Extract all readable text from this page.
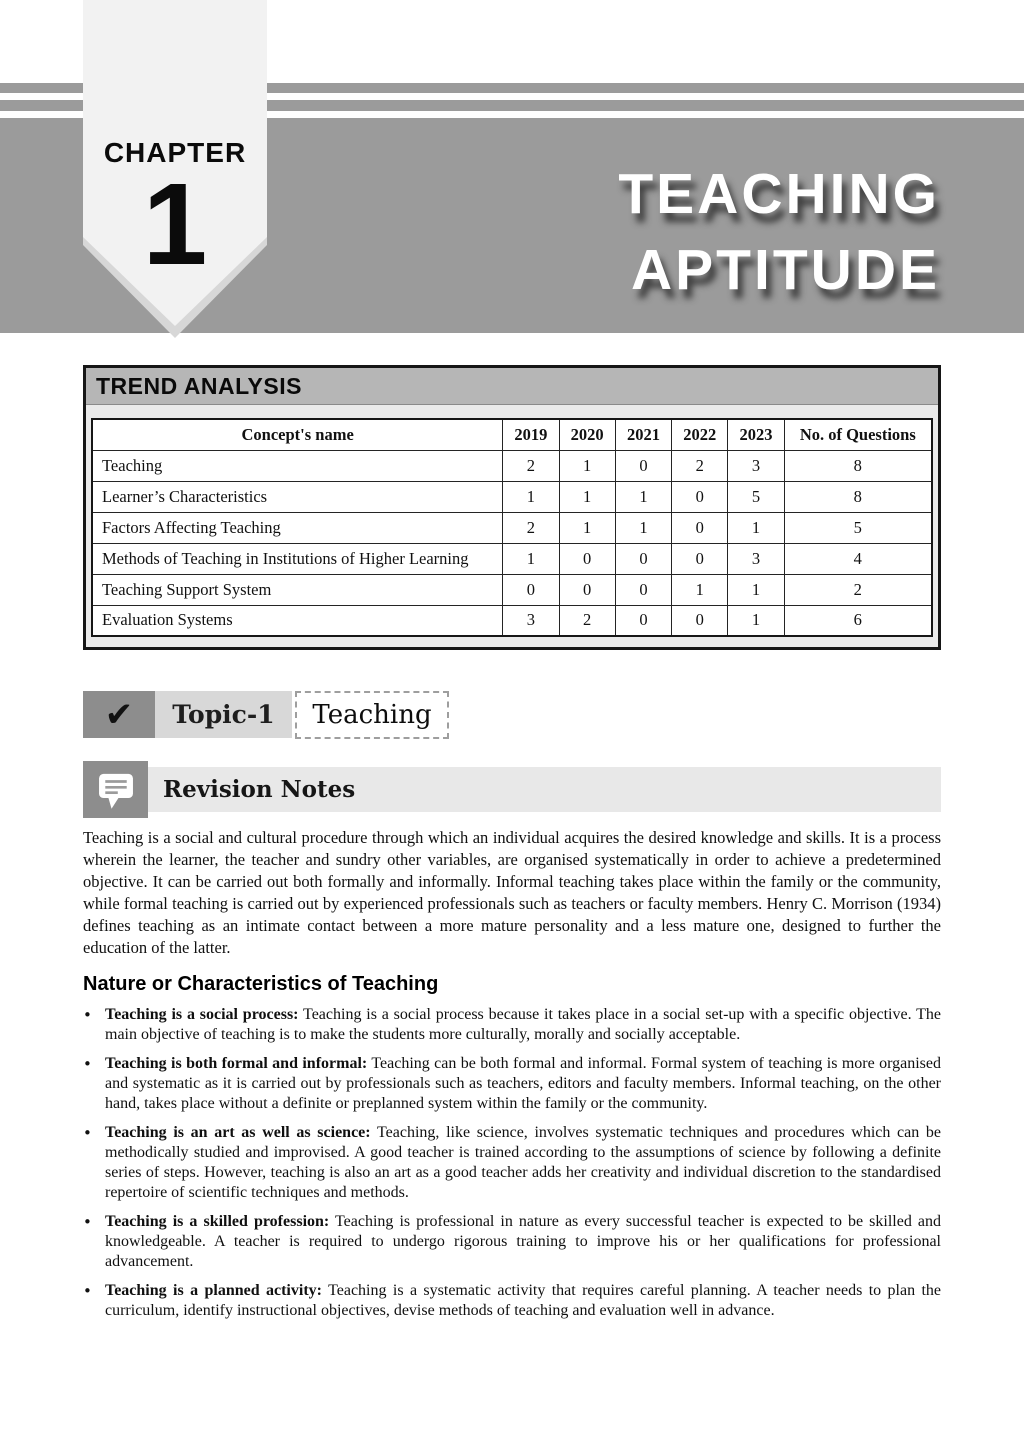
TEACHING
APTITUDE
CHAPTER
1
TREND ANALYSIS
Concept's name	2019	2020	2021	2022	2023	No. of Questions
Teaching	2	1	0	2	3	8
Learner’s Characteristics	1	1	1	0	5	8
Factors Affecting Teaching	2	1	1	0	1	5
Methods of Teaching in Institutions of Higher Learning	1	0	0	0	3	4
Teaching Support System	0	0	0	1	1	2
Evaluation Systems	3	2	0	0	1	6
✔	Topic-1	Teaching
Revision Notes

Teaching is a social and cultural procedure through which an individual acquires the desired knowledge and skills. It is a process wherein the learner, the teacher and sundry other variables, are organised systematically in order to achieve a predetermined objective. It can be carried out both formally and informally. Informal teaching takes place within the family or the community, while formal teaching is carried out by experienced professionals such as teachers or faculty members. Henry C. Morrison (1934) defines teaching as an intimate contact between a more mature personality and a less mature one, designed to further the education of the latter.

Nature or Characteristics of Teaching
• Teaching is a social process: Teaching is a social process because it takes place in a social set-up with a specific objective. The main objective of teaching is to make the students more culturally, morally and socially acceptable.
• Teaching is both formal and informal: Teaching can be both formal and informal. Formal system of teaching is more organised and systematic as it is carried out by professionals such as teachers, editors and faculty members. Informal teaching, on the other hand, takes place without a definite or preplanned system within the family or the community.
• Teaching is an art as well as science: Teaching, like science, involves systematic techniques and procedures which can be methodically studied and improvised. A good teacher is trained according to the assumptions of science by following a definite series of steps. However, teaching is also an art as a good teacher adds her creativity and individual discretion to the standardised repertoire of scientific techniques and methods.
• Teaching is a skilled profession: Teaching is professional in nature as every successful teacher is expected to be skilled and knowledgeable. A teacher is required to undergo rigorous training to improve his or her qualifications for professional advancement.
• Teaching is a planned activity: Teaching is a systematic activity that requires careful planning. A teacher needs to plan the curriculum, identify instructional objectives, devise methods of teaching and evaluation well in advance.
